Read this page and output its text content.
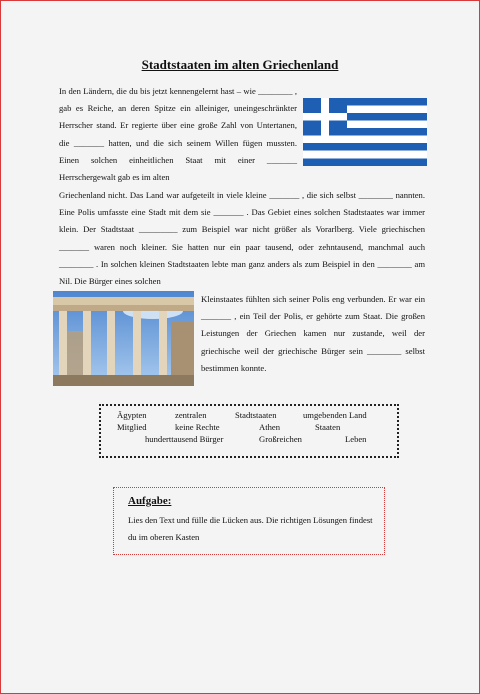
Stadtstaaten im alten Griechenland

In den Ländern, die du bis jetzt kennengelernt hast – wie ________ , gab es Reiche, an deren Spitze ein alleiniger, uneingeschränkter Herrscher stand. Er regierte über eine große Zahl von Untertanen, die _______ hatten, und die sich seinem Willen fügen mussten. Einen solchen einheitlichen Staat mit einer _______ Herrschergewalt gab es im alten

Griechenland nicht. Das Land war aufgeteilt in viele kleine _______ , die sich selbst ________ nannten. Eine Polis umfasste eine Stadt mit dem sie _______ . Das Gebiet eines solchen Stadtstaates war immer klein. Der Stadtstaat _________ zum Beispiel war nicht größer als Vorarlberg. Viele griechischen _______ waren noch kleiner. Sie hatten nur ein paar tausend, oder zehntausend, manchmal auch ________ . In solchen kleinen Stadtstaaten lebte man ganz anders als zum Beispiel in den ________ am Nil. Die Bürger eines solchen

Kleinstaates fühlten sich seiner Polis eng verbunden. Er war ein _______ , ein Teil der Polis, er gehörte zum Staat. Die großen Leistungen der Griechen kamen nur zustande, weil der griechische weil der griechische Bürger sein ________ selbst bestimmen konnte.

Ägypten	zentralen	Stadtstaaten	umgebenden Land
Mitglied	keine Rechte	Athen	Staaten
hunderttausend Bürger	Großreichen	Leben
Aufgabe:

Lies den Text und fülle die Lücken aus. Die richtigen Lösungen findest du im oberen Kasten
